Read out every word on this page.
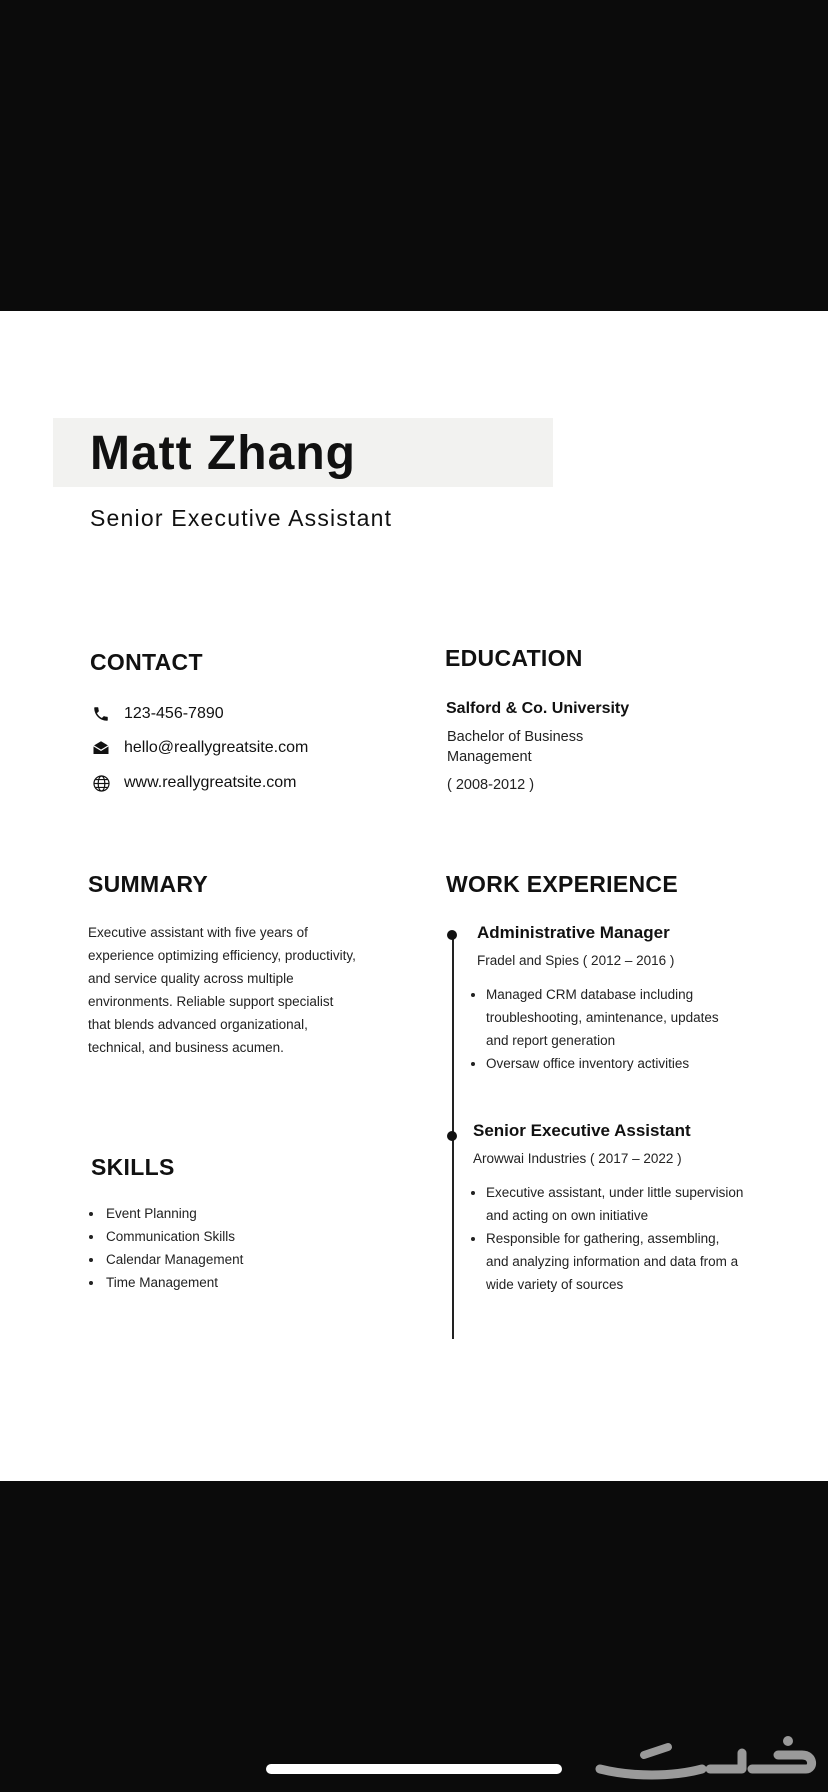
Matt Zhang
Senior Executive Assistant
CONTACT
123-456-7890
hello@reallygreatsite.com
www.reallygreatsite.com
EDUCATION
Salford & Co. University
Bachelor of Business Management
( 2008-2012 )
SUMMARY

Executive assistant with five years of experience optimizing efficiency, productivity, and service quality across multiple environments. Reliable support specialist that blends advanced organizational, technical, and business acumen.

SKILLS
• Event Planning
• Communication Skills
• Calendar Management
• Time Management
WORK EXPERIENCE
Administrative Manager
Fradel and Spies ( 2012 – 2016 )
• Managed CRM database including troubleshooting, amintenance, updates and report generation
• Oversaw office inventory activities
Senior Executive Assistant
Arowwai Industries ( 2017 – 2022 )
• Executive assistant, under little supervision and acting on own initiative
• Responsible for gathering, assembling, and analyzing information and data from a wide variety of sources
